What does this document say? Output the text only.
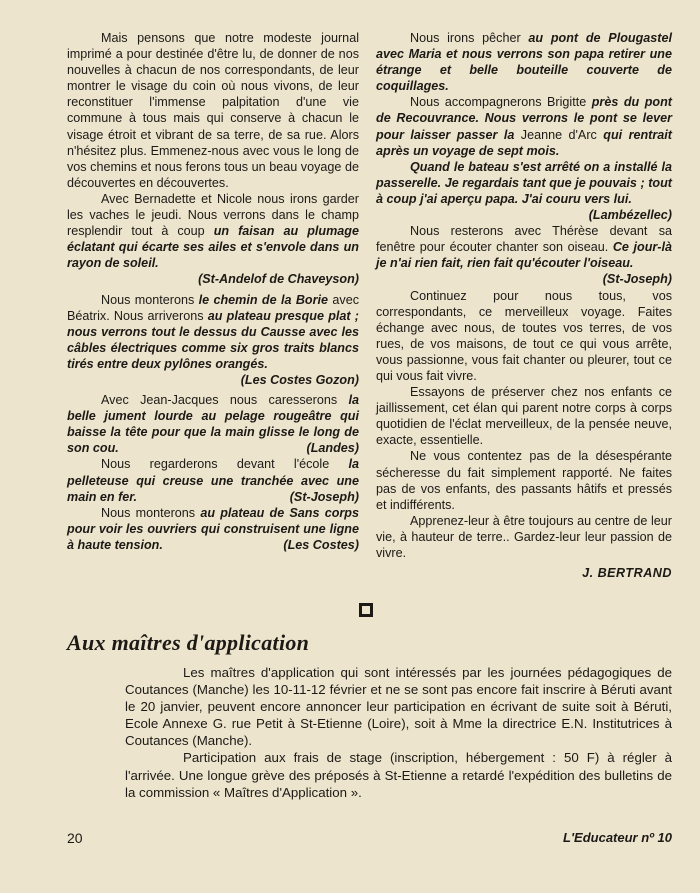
Mais pensons que notre modeste journal imprimé a pour destinée d'être lu, de donner de nos nouvelles à chacun de nos correspondants, de leur montrer le visage du coin où nous vivons, de leur reconstituer l'immense palpitation d'une vie commune à tous mais qui conserve à chacun le visage étroit et vibrant de sa terre, de sa rue. Alors n'hésitez plus. Emmenez-nous avec vous le long de vos chemins et nous ferons tous un beau voyage de découvertes en découvertes.

Avec Bernadette et Nicole nous irons garder les vaches le jeudi. Nous verrons dans le champ resplendir tout à coup un faisan au plumage éclatant qui écarte ses ailes et s'envole dans un rayon de soleil.

(St-Andelof de Chaveyson)

Nous monterons le chemin de la Borie avec Béatrix. Nous arriverons au plateau presque plat ; nous verrons tout le dessus du Causse avec les câbles électriques comme six gros traits blancs tirés entre deux pylônes orangés.

(Les Costes Gozon)

Avec Jean-Jacques nous caresserons la belle jument lourde au pelage rougeâtre qui baisse la tête pour que la main glisse le long de son cou.	(Landes)

Nous regarderons devant l'école la pelleteuse qui creuse une tranchée avec une main en fer.	(St-Joseph)

Nous monterons au plateau de Sans corps pour voir les ouvriers qui construisent une ligne à haute tension.	(Les Costes)

Nous irons pêcher au pont de Plougastel avec Maria et nous verrons son papa retirer une étrange et belle bouteille couverte de coquillages.

Nous accompagnerons Brigitte près du pont de Recouvrance. Nous verrons le pont se lever pour laisser passer la Jeanne d'Arc qui rentrait après un voyage de sept mois.

Quand le bateau s'est arrêté on a installé la passerelle. Je regardais tant que je pouvais ; tout à coup j'ai aperçu papa. J'ai couru vers lui.
(Lambézellec)

Nous resterons avec Thérèse devant sa fenêtre pour écouter chanter son oiseau. Ce jour-là je n'ai rien fait, rien fait qu'écouter l'oiseau.
(St-Joseph)

Continuez pour nous tous, vos correspondants, ce merveilleux voyage. Faites échange avec nous, de toutes vos terres, de vos rues, de vos maisons, de tout ce qui vous arrête, vous passionne, vous fait chanter ou pleurer, tout ce qui vous fait vivre.

Essayons de préserver chez nos enfants ce jaillissement, cet élan qui parent notre corps à corps quotidien de l'éclat merveilleux, de la pensée neuve, exacte, essentielle.

Ne vous contentez pas de la désespérante sécheresse du fait simplement rapporté. Ne faites pas de vos enfants, des passants hâtifs et pressés et indifférents.

Apprenez-leur à être toujours au centre de leur vie, à hauteur de terre.. Gardez-leur leur passion de vivre.

J. BERTRAND

Aux maîtres d'application

Les maîtres d'application qui sont intéressés par les journées pédagogiques de Coutances (Manche) les 10-11-12 février et ne se sont pas encore fait inscrire à Béruti avant le 20 janvier, peuvent encore annoncer leur participation en écrivant de suite soit à Béruti, Ecole Annexe G. rue Petit à St-Etienne (Loire), soit à Mme la directrice E.N. Institutrices à Coutances (Manche).

Participation aux frais de stage (inscription, hébergement : 50 F) à régler à l'arrivée. Une longue grève des préposés à St-Etienne a retardé l'expédition des bulletins de la commission « Maîtres d'Application ».

20	L'Educateur nº 10
